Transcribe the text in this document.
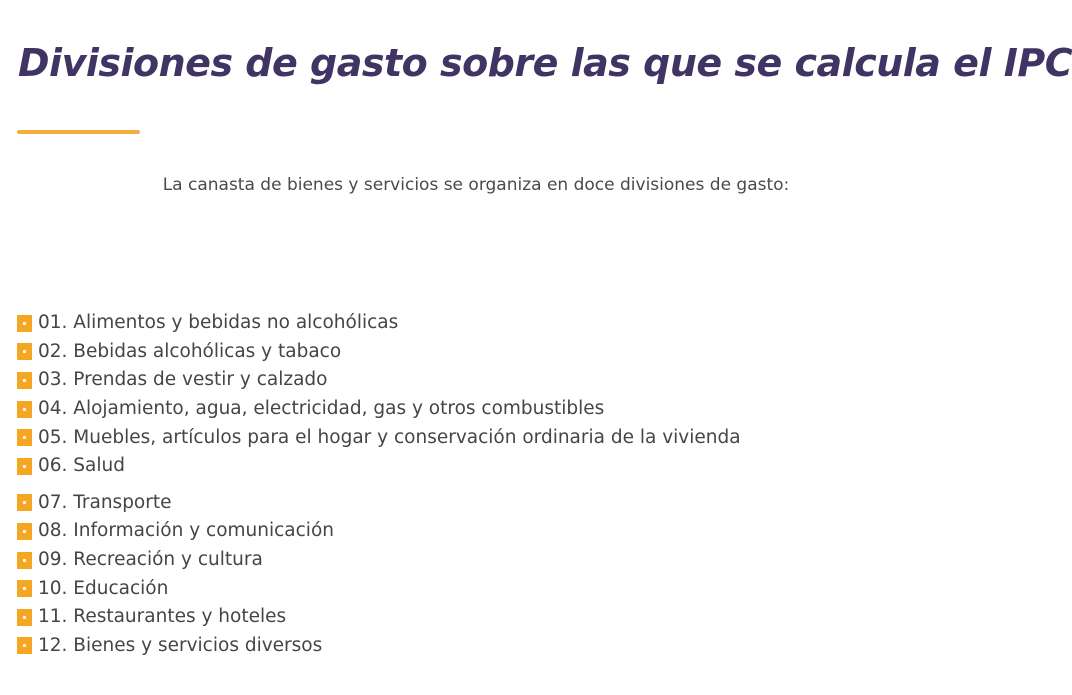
Divisiones de gasto sobre las que se calcula el IPC

La canasta de bienes y servicios se organiza en doce divisiones de gasto:

01. Alimentos y bebidas no alcohólicas
02. Bebidas alcohólicas y tabaco
03. Prendas de vestir y calzado
04. Alojamiento, agua, electricidad, gas y otros combustibles
05. Muebles, artículos para el hogar y conservación ordinaria de la vivienda
06. Salud
07. Transporte
08. Información y comunicación
09. Recreación y cultura
10. Educación
11. Restaurantes y hoteles
12. Bienes y servicios diversos
